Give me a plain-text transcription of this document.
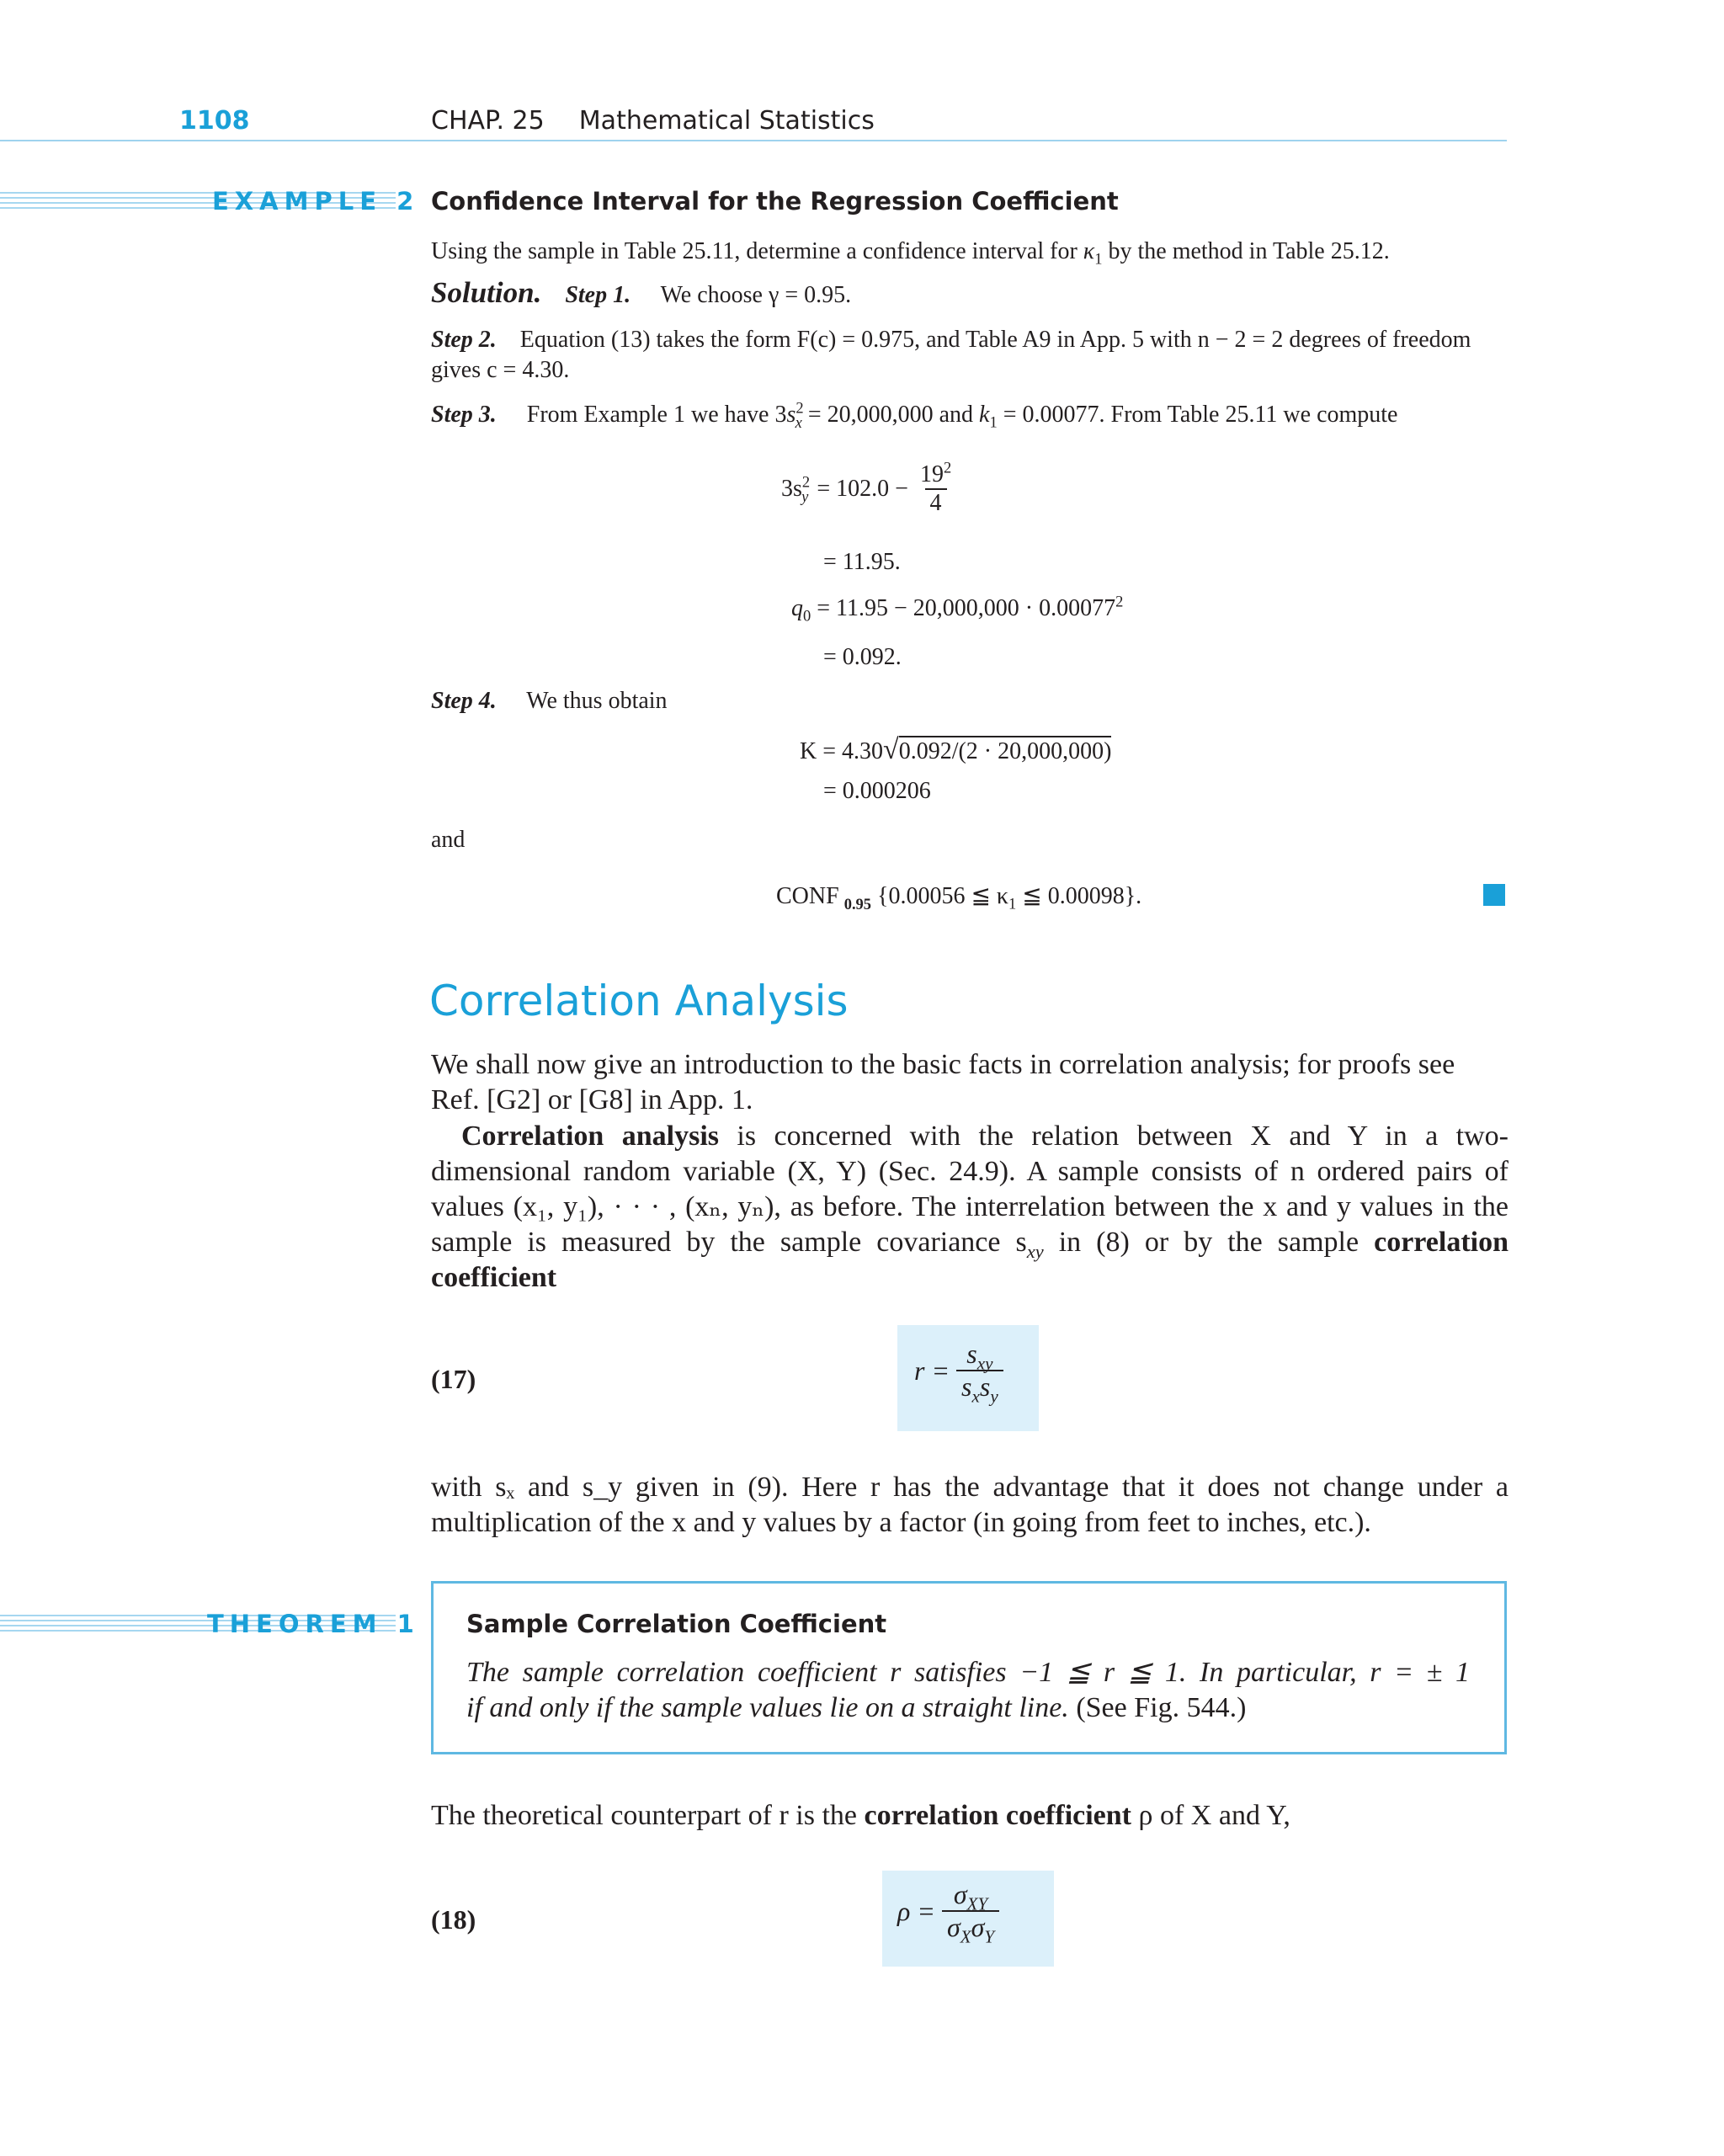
1108	CHAP. 25 Mathematical Statistics
EXAMPLE 2 Confidence Interval for the Regression Coefficient
Using the sample in Table 25.11, determine a confidence interval for $\kappa_1$ by the method in Table 25.12.
Solution. Step 1. We choose γ = 0.95.
Step 2. Equation (13) takes the form F(c) = 0.975, and Table A9 in App. 5 with n − 2 = 2 degrees of freedom
gives c = 4.30.
Step 3. From Example 1 we have $3s^2_x = 20,000,000$ and $k_1 = 0.00077$. From Table 25.11 we compute
$3s^2_y = 102.0 - \frac{19^2}{4}$
= 11.95.
$q_0 = 11.95 - 20,000,000 \cdot 0.00077^2$
= 0.092.
Step 4. We thus obtain
K = 4.30√0.092/(2 · 20,000,000)
= 0.000206
and
CONF $_{0.95}$ {0.00056 ≦ $\kappa_1$ ≦ 0.00098}.
Correlation Analysis
We shall now give an introduction to the basic facts in correlation analysis; for proofs see
Ref. [G2] or [G8] in App. 1.
Correlation analysis is concerned with the relation between X and Y in a two-
dimensional random variable (X, Y) (Sec. 24.9). A sample consists of n ordered pairs of
values (x₁, y₁), · · · , (xₙ, yₙ), as before. The interrelation between the x and y values in the
sample is measured by the sample covariance $s_{xy}$ in (8) or by the sample correlation
coefficient
(17)	$r = \frac{s_{xy}}{s_xs_y}$
with sₓ and s_y given in (9). Here r has the advantage that it does not change under a
multiplication of the x and y values by a factor (in going from feet to inches, etc.).
THEOREM 1 Sample Correlation Coefficient
The sample correlation coefficient r satisfies −1 ≦ r ≦ 1. In particular, r = ± 1
if and only if the sample values lie on a straight line. (See Fig. 544.)
The theoretical counterpart of r is the correlation coefficient ρ of X and Y,
(18)	$\rho = \frac{\sigma_{XY}}{\sigma_X\sigma_Y}$
